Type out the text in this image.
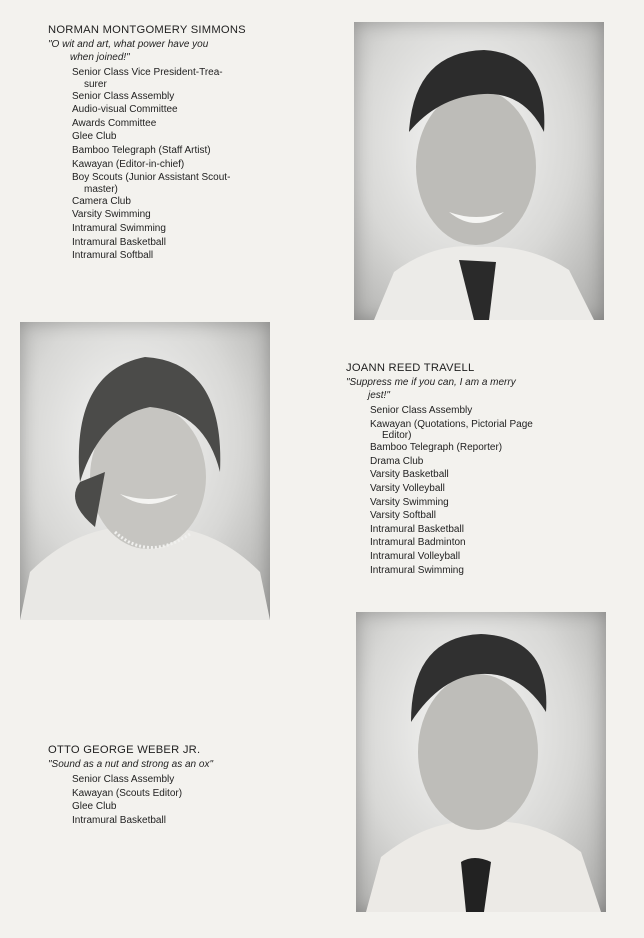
NORMAN MONTGOMERY SIMMONS
"O wit and art, what power have you
when joined!"
Senior Class Vice President-Trea-
surer
Senior Class Assembly
Audio-visual Committee
Awards Committee
Glee Club
Bamboo Telegraph (Staff Artist)
Kawayan (Editor-in-chief)
Boy Scouts (Junior Assistant Scout-
master)
Camera Club
Varsity Swimming
Intramural Swimming
Intramural Basketball
Intramural Softball
JOANN REED TRAVELL
"Suppress me if you can, I am a merry
jest!"
Senior Class Assembly
Kawayan (Quotations, Pictorial Page
Editor)
Bamboo Telegraph (Reporter)
Drama Club
Varsity Basketball
Varsity Volleyball
Varsity Swimming
Varsity Softball
Intramural Basketball
Intramural Badminton
Intramural Volleyball
Intramural Swimming
OTTO GEORGE WEBER JR.
"Sound as a nut and strong as an ox"
Senior Class Assembly
Kawayan (Scouts Editor)
Glee Club
Intramural Basketball
